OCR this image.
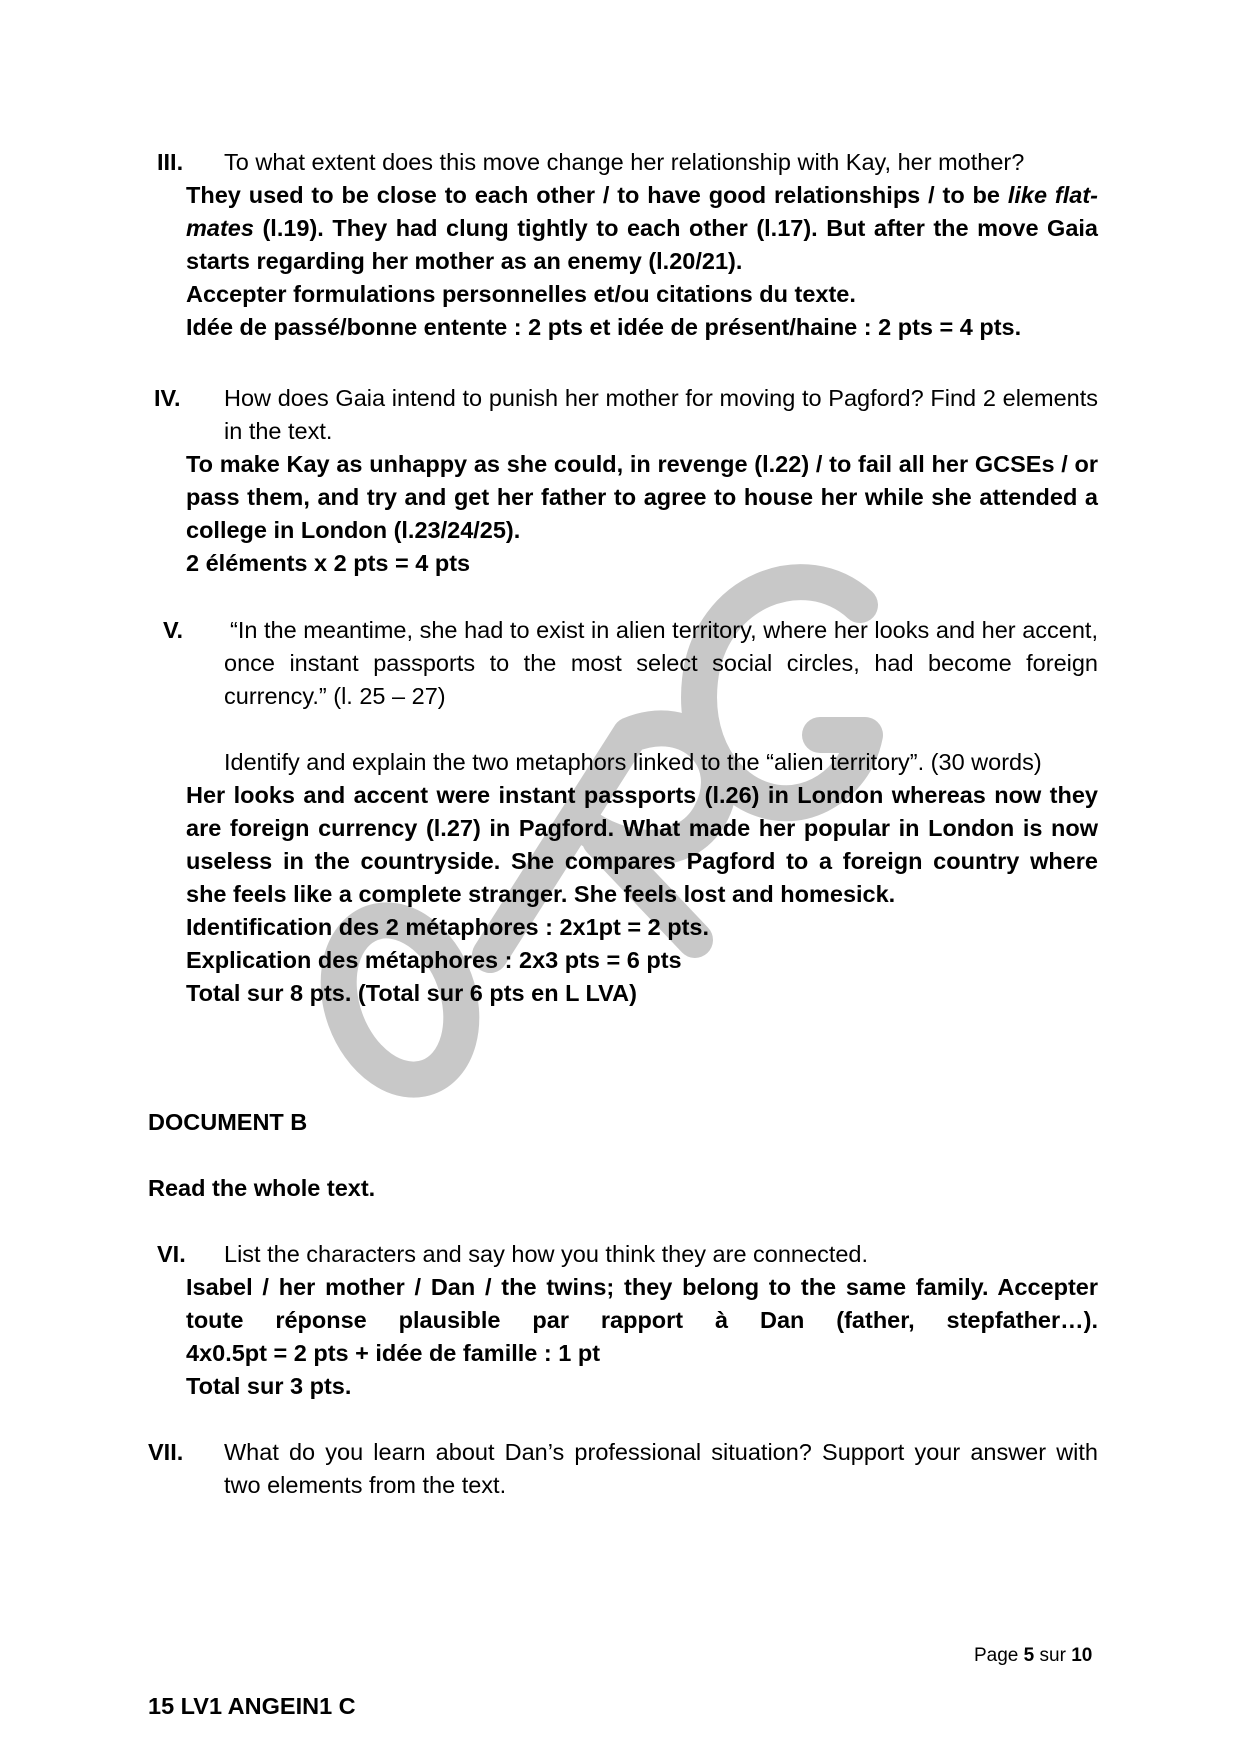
III. To what extent does this move change her relationship with Kay, her mother?

They used to be close to each other / to have good relationships / to be like flat-mates (l.19). They had clung tightly to each other (l.17). But after the move Gaia starts regarding her mother as an enemy (l.20/21).

Accepter formulations personnelles et/ou citations du texte.

Idée de passé/bonne entente : 2 pts et idée de présent/haine : 2 pts = 4 pts.

IV. How does Gaia intend to punish her mother for moving to Pagford? Find 2 elements in the text.

To make Kay as unhappy as she could, in revenge (l.22) / to fail all her GCSEs / or pass them, and try and get her father to agree to house her while she attended a college in London (l.23/24/25).

2 éléments x 2 pts = 4 pts

V. “In the meantime, she had to exist in alien territory, where her looks and her accent, once instant passports to the most select social circles, had become foreign currency.” (l. 25 – 27)
Identify and explain the two metaphors linked to the “alien territory”. (30 words)

Her looks and accent were instant passports (l.26) in London whereas now they are foreign currency (l.27) in Pagford. What made her popular in London is now useless in the countryside. She compares Pagford to a foreign country where she feels like a complete stranger. She feels lost and homesick.

Identification des 2 métaphores : 2x1pt = 2 pts.

Explication des métaphores : 2x3 pts = 6 pts

Total sur 8 pts. (Total sur 6 pts en L LVA)

DOCUMENT B
Read the whole text.
VI. List the characters and say how you think they are connected.

Isabel / her mother / Dan / the twins; they belong to the same family. Accepter toute réponse plausible par rapport à Dan (father, stepfather…).

4x0.5pt = 2 pts + idée de famille : 1 pt

Total sur 3 pts.

VII. What do you learn about Dan’s professional situation? Support your answer with two elements from the text.
Page 5 sur 10
15 LV1 ANGEIN1 C
